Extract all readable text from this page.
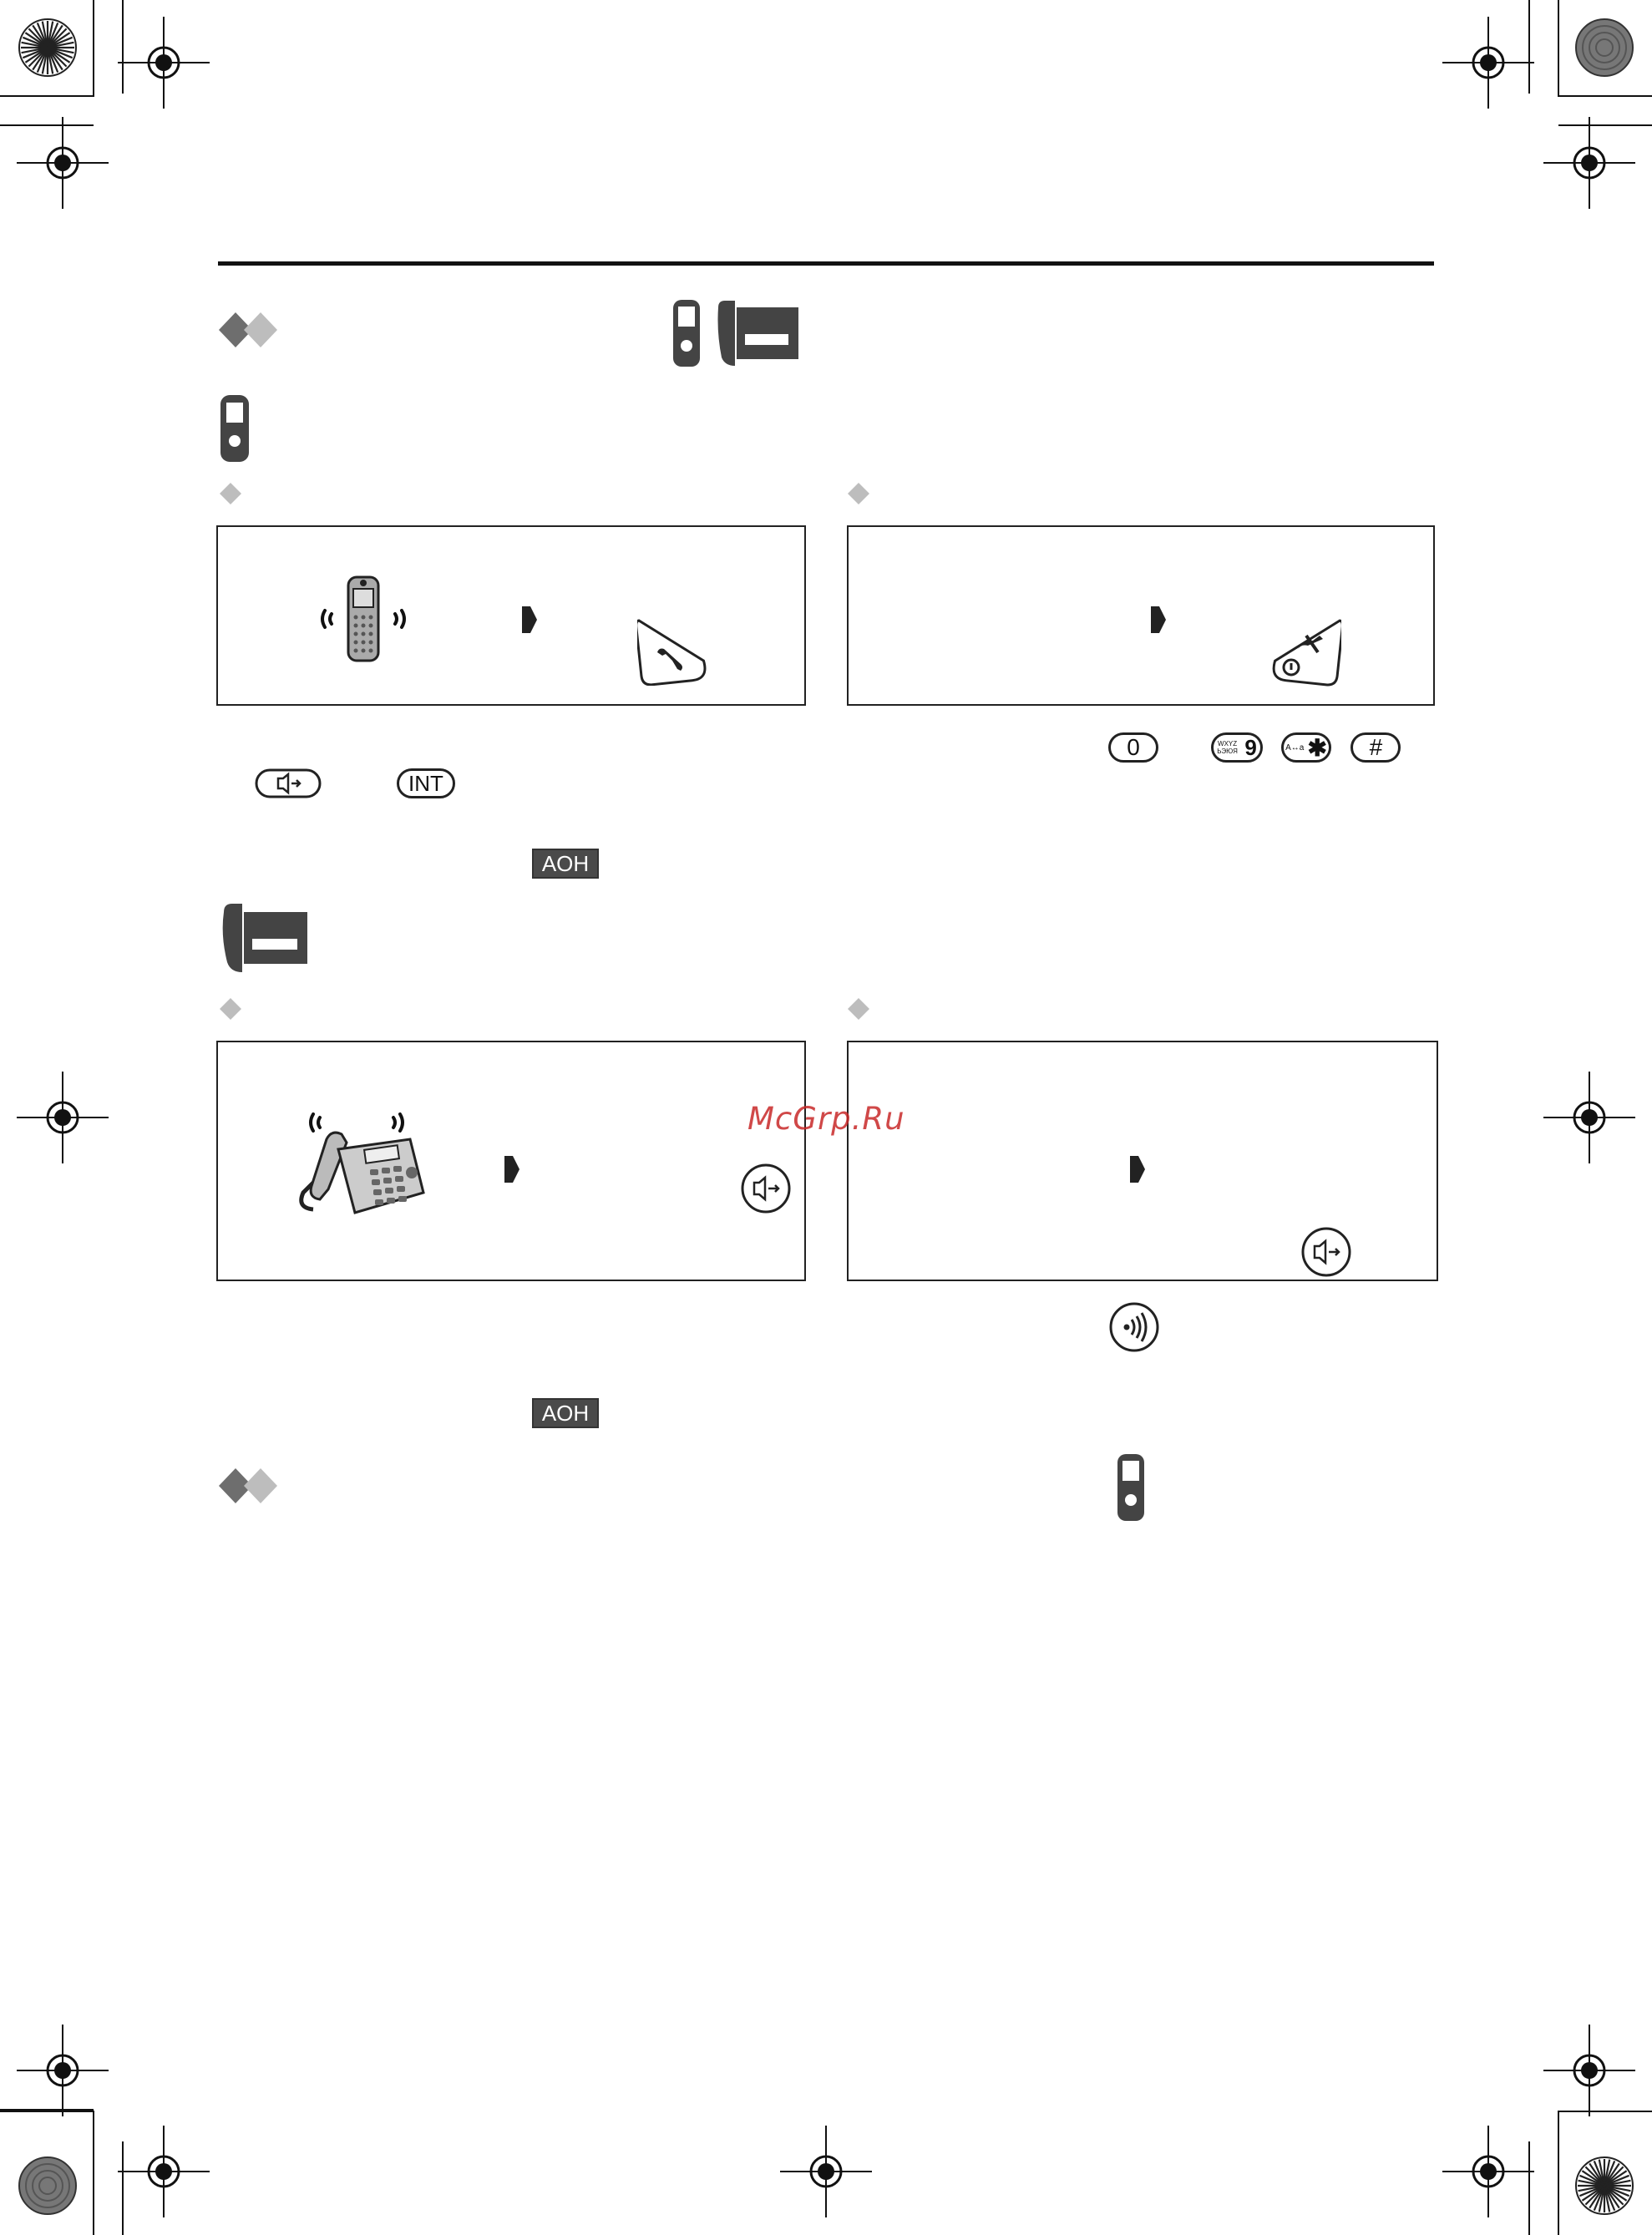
0	WXYZ
ЬЭЮЯ 9	A↔a ✱ #
INT
AOH
McGrp.Ru
AOH
